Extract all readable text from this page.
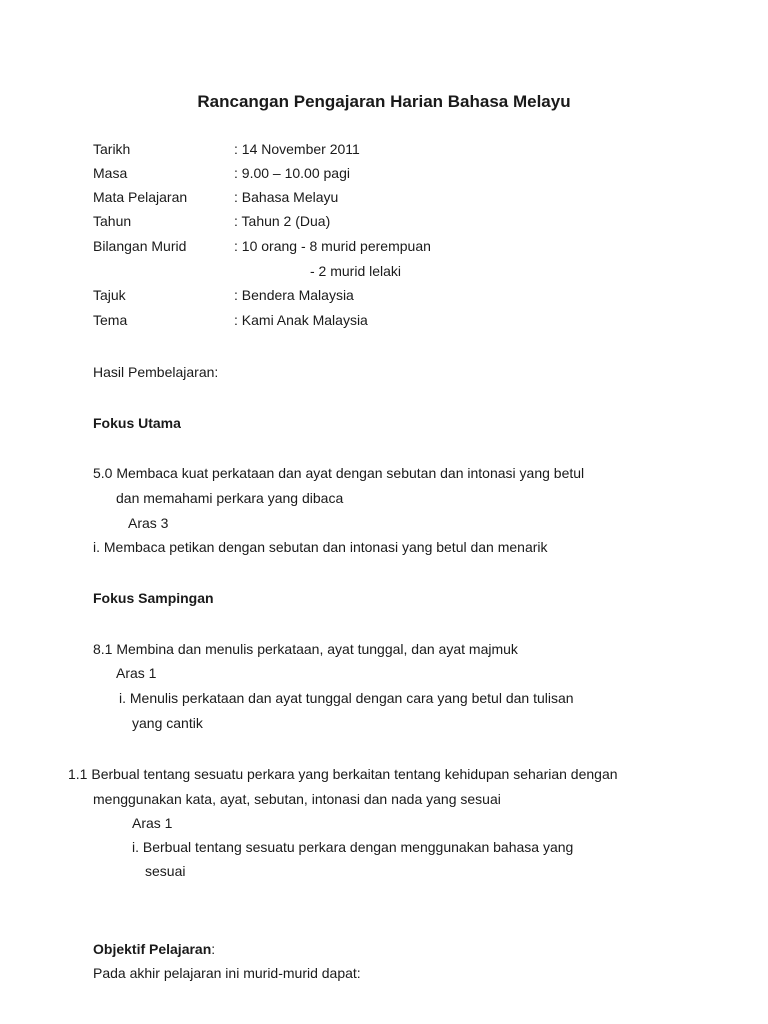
Rancangan Pengajaran Harian Bahasa Melayu
Tarikh	: 14 November 2011
Masa	: 9.00 – 10.00 pagi
Mata Pelajaran	: Bahasa Melayu
Tahun	: Tahun 2 (Dua)
Bilangan Murid	: 10 orang - 8 murid perempuan
- 2 murid lelaki
Tajuk	: Bendera Malaysia
Tema	: Kami Anak Malaysia

Hasil Pembelajaran:

Fokus Utama

5.0 Membaca kuat perkataan dan ayat dengan sebutan dan intonasi yang betul

dan memahami perkara yang dibaca

Aras 3

i. Membaca petikan dengan sebutan dan intonasi yang betul dan menarik

Fokus Sampingan

8.1 Membina dan menulis perkataan, ayat tunggal, dan ayat majmuk

Aras 1

i. Menulis perkataan dan ayat tunggal dengan cara yang betul dan tulisan

yang cantik

1.1 Berbual tentang sesuatu perkara yang berkaitan tentang kehidupan seharian dengan

menggunakan kata, ayat, sebutan, intonasi dan nada yang sesuai

Aras 1

i. Berbual tentang sesuatu perkara dengan menggunakan bahasa yang

sesuai

Objektif Pelajaran:

Pada akhir pelajaran ini murid-murid dapat:
